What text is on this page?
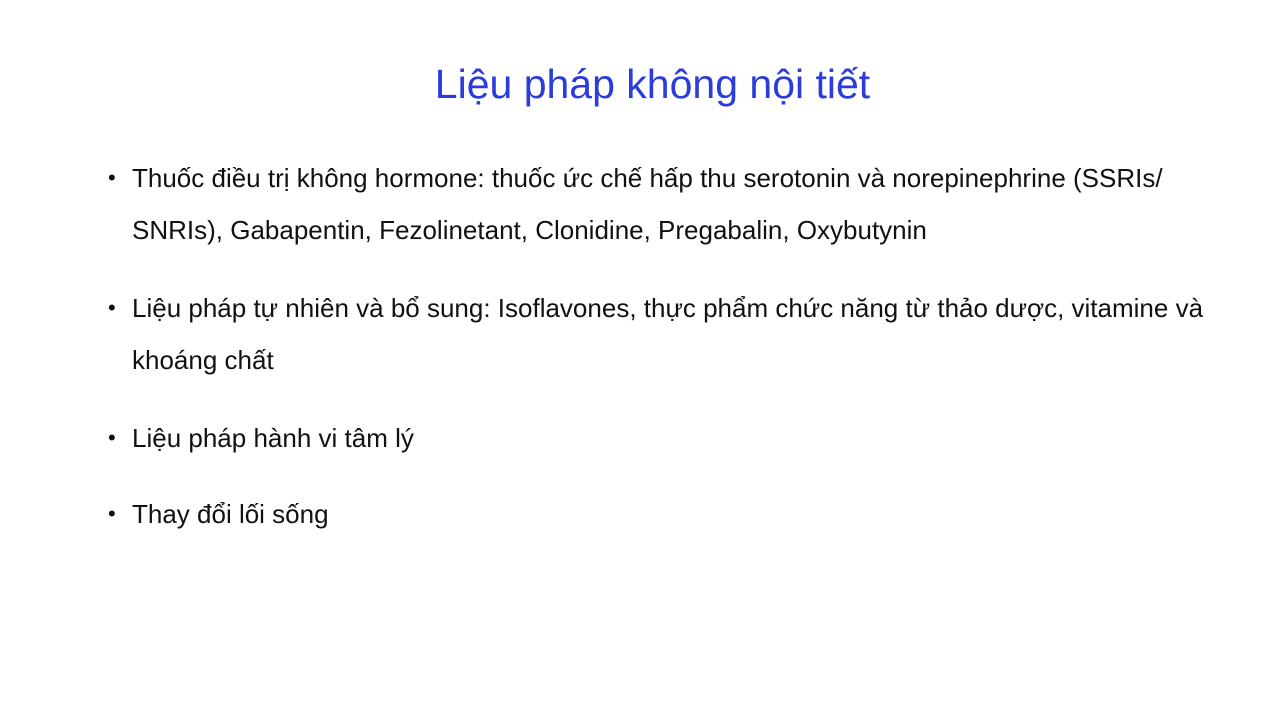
Liệu pháp không nội tiết
• Thuốc điều trị không hormone: thuốc ức chế hấp thu serotonin và norepinephrine (SSRIs/ SNRIs), Gabapentin, Fezolinetant, Clonidine, Pregabalin, Oxybutynin
• Liệu pháp tự nhiên và bổ sung: Isoflavones, thực phẩm chức năng từ thảo dược, vitamine và khoáng chất
• Liệu pháp hành vi tâm lý
• Thay đổi lối sống
